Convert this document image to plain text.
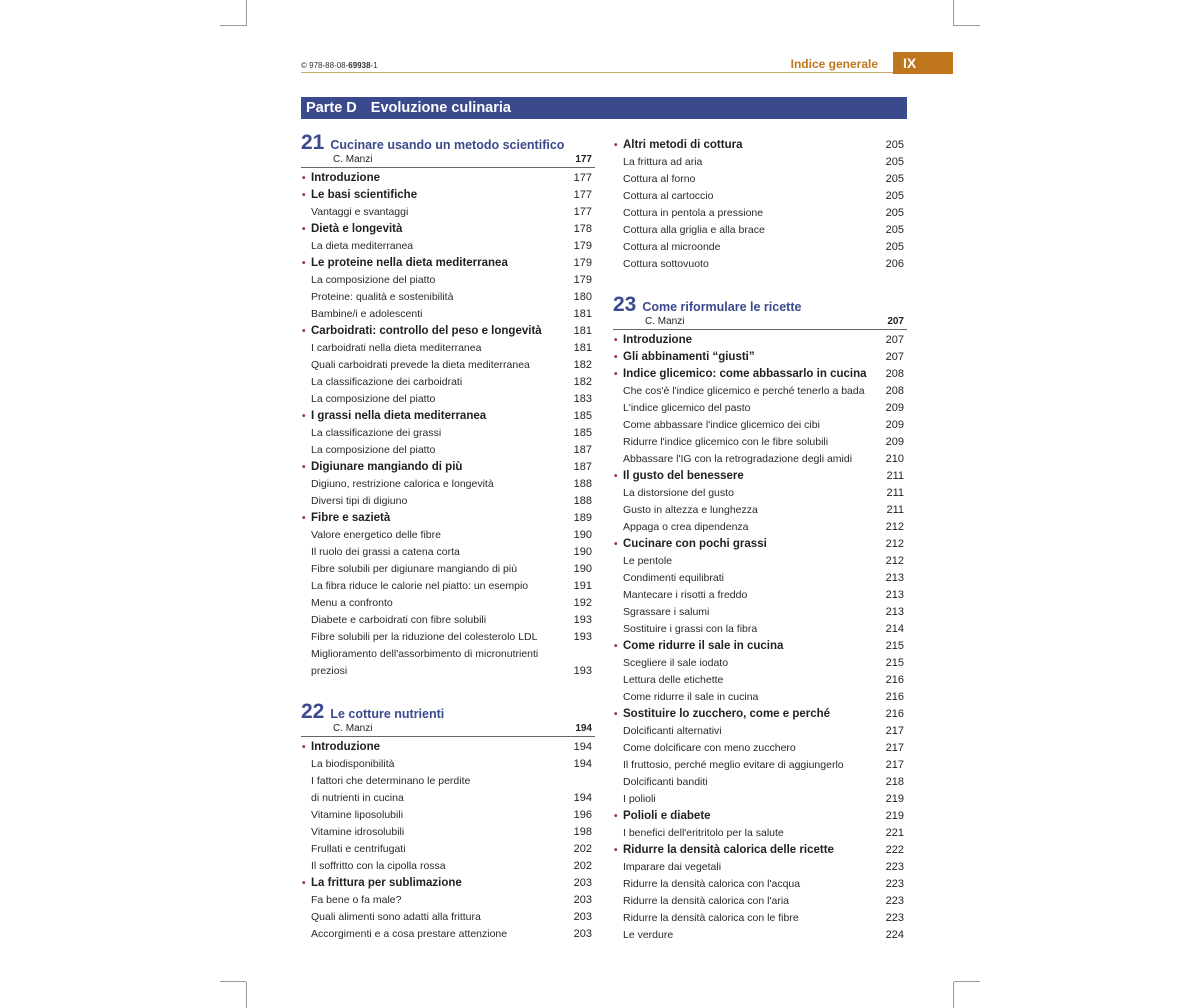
© 978-88-08-69938-1	Indice generale	IX
Parte D Evoluzione culinaria
21 Cucinare usando un metodo scientifico
C. Manzi	177
• Introduzione	177
• Le basi scientifiche	177
Vantaggi e svantaggi	177
• Dietà e longevità	178
La dieta mediterranea	179
• Le proteine nella dieta mediterranea	179
La composizione del piatto	179
Proteine: qualità e sostenibilità	180
Bambine/i e adolescenti	181
• Carboidrati: controllo del peso e longevità	181
I carboidrati nella dieta mediterranea	181
Quali carboidrati prevede la dieta mediterranea	182
La classificazione dei carboidrati	182
La composizione del piatto	183
• I grassi nella dieta mediterranea	185
La classificazione dei grassi	185
La composizione del piatto	187
• Digiunare mangiando di più	187
Digiuno, restrizione calorica e longevità	188
Diversi tipi di digiuno	188
• Fibre e sazietà	189
Valore energetico delle fibre	190
Il ruolo dei grassi a catena corta	190
Fibre solubili per digiunare mangiando di più	190
La fibra riduce le calorie nel piatto: un esempio	191
Menu a confronto	192
Diabete e carboidrati con fibre solubili	193
Fibre solubili per la riduzione del colesterolo LDL	193
Miglioramento dell'assorbimento di micronutrienti
preziosi	193
22 Le cotture nutrienti
C. Manzi	194
• Introduzione	194
La biodisponibilità	194
I fattori che determinano le perdite
di nutrienti in cucina	194
Vitamine liposolubili	196
Vitamine idrosolubili	198
Frullati e centrifugati	202
Il soffritto con la cipolla rossa	202
• La frittura per sublimazione	203
Fa bene o fa male?	203
Quali alimenti sono adatti alla frittura	203
Accorgimenti e a cosa prestare attenzione	203
• Altri metodi di cottura	205
La frittura ad aria	205
Cottura al forno	205
Cottura al cartoccio	205
Cottura in pentola a pressione	205
Cottura alla griglia e alla brace	205
Cottura al microonde	205
Cottura sottovuoto	206
23 Come riformulare le ricette
C. Manzi	207
• Introduzione	207
• Gli abbinamenti “giusti”	207
• Indice glicemico: come abbassarlo in cucina 208
Che cos'è l'indice glicemico e perché tenerlo a bada 208
L'indice glicemico del pasto	209
Come abbassare l'indice glicemico dei cibi	209
Ridurre l'indice glicemico con le fibre solubili	209
Abbassare l'IG con la retrogradazione degli amidi	210
• Il gusto del benessere	211
La distorsione del gusto	211
Gusto in altezza e lunghezza	211
Appaga o crea dipendenza	212
• Cucinare con pochi grassi	212
Le pentole	212
Condimenti equilibrati	213
Mantecare i risotti a freddo	213
Sgrassare i salumi	213
Sostituire i grassi con la fibra	214
• Come ridurre il sale in cucina	215
Scegliere il sale iodato	215
Lettura delle etichette	216
Come ridurre il sale in cucina	216
• Sostituire lo zucchero, come e perché	216
Dolcificanti alternativi	217
Come dolcificare con meno zucchero	217
Il fruttosio, perché meglio evitare di aggiungerlo	217
Dolcificanti banditi	218
I polioli	219
• Polioli e diabete	219
I benefici dell'eritritolo per la salute	221
• Ridurre la densità calorica delle ricette	222
Imparare dai vegetali	223
Ridurre la densità calorica con l'acqua	223
Ridurre la densità calorica con l'aria	223
Ridurre la densità calorica con le fibre	223
Le verdure	224
